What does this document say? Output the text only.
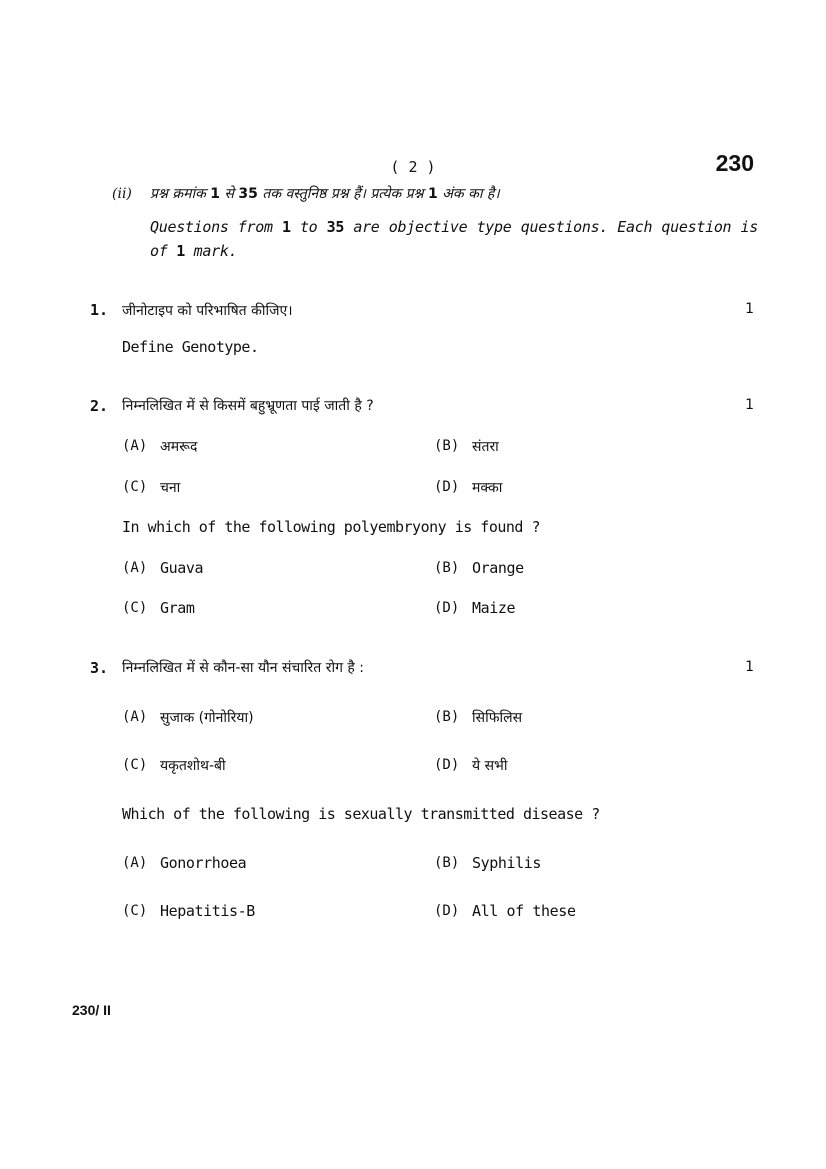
( 2 )	230
(ii) प्रश्न क्रमांक 1 से 35 तक वस्तुनिष्ठ प्रश्न हैं। प्रत्येक प्रश्न 1 अंक का है।
Questions from 1 to 35 are objective type questions. Each question is of 1 mark.
1. जीनोटाइप को परिभाषित कीजिए।	1
Define Genotype.
2. निम्नलिखित में से किसमें बहुभ्रूणता पाई जाती है ?	1
(A) अमरूद	(B) संतरा
(C) चना	(D) मक्का
In which of the following polyembryony is found ?
(A) Guava	(B) Orange
(C) Gram	(D) Maize
3. निम्नलिखित में से कौन-सा यौन संचारित रोग है :	1
(A) सुजाक (गोनोरिया)	(B) सिफिलिस
(C) यकृतशोथ-बी	(D) ये सभी
Which of the following is sexually transmitted disease ?
(A) Gonorrhoea	(B) Syphilis
(C) Hepatitis-B	(D) All of these
230/ II
